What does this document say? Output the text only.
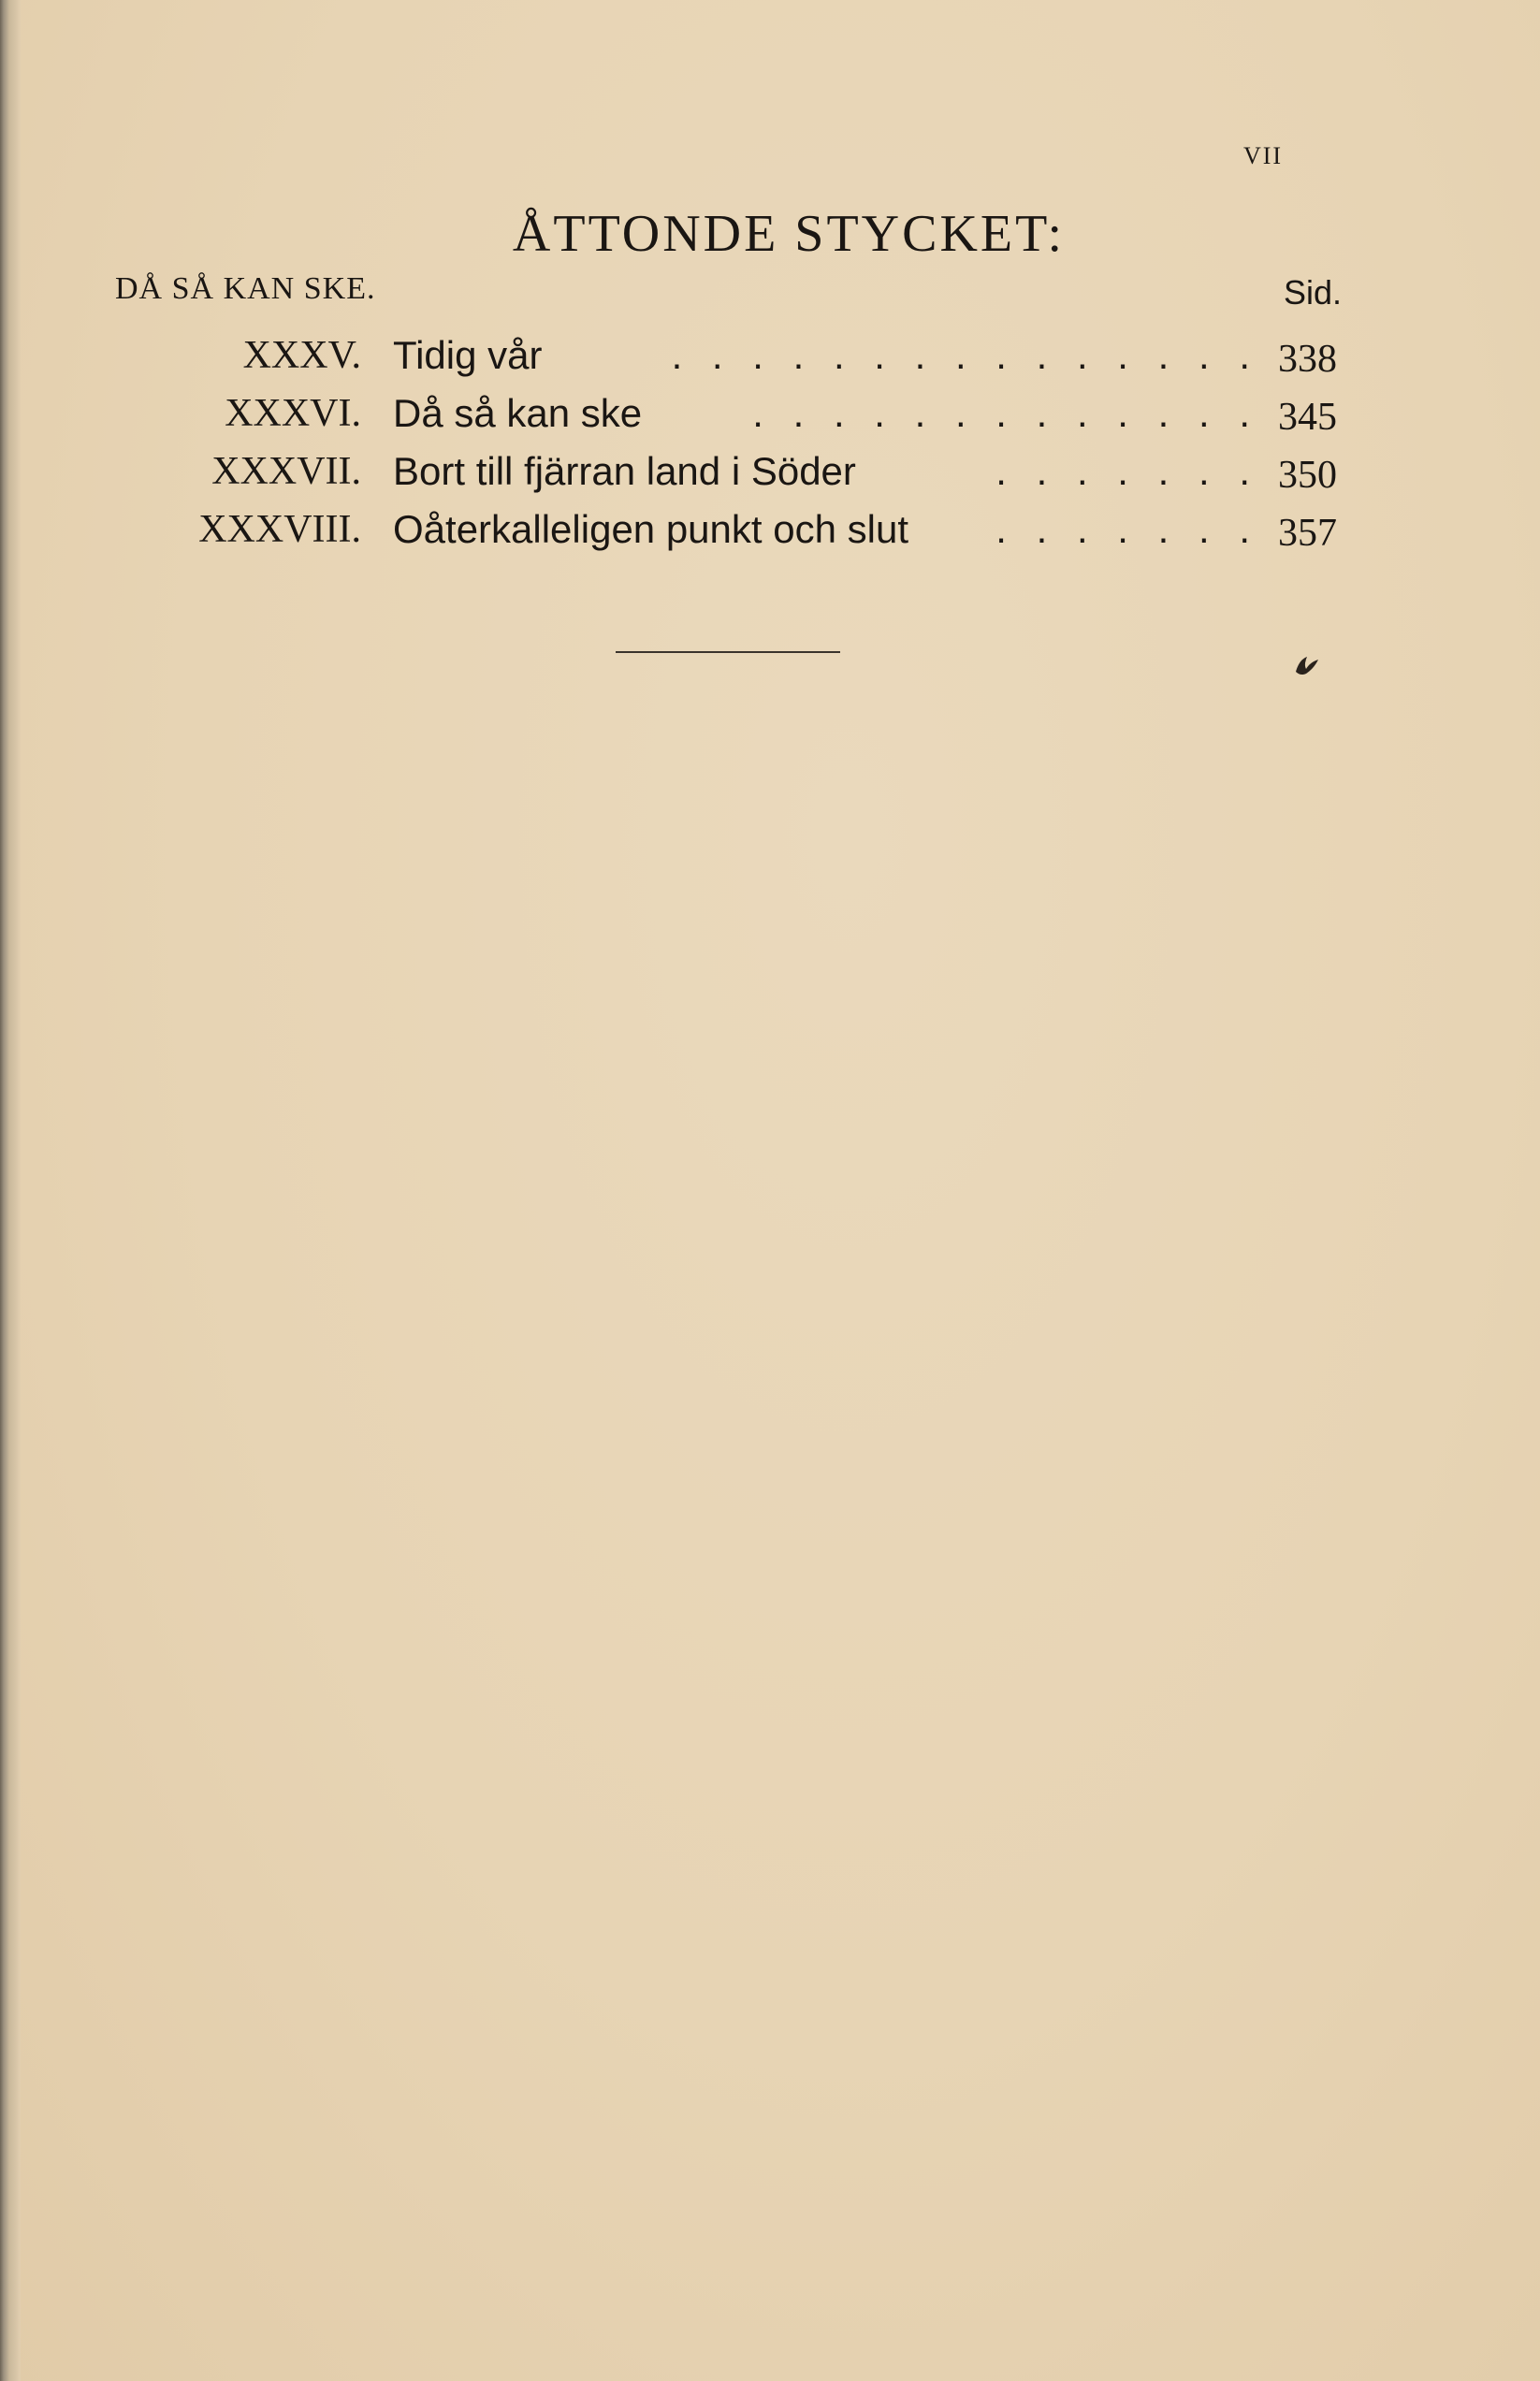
VII
ÅTTONDE STYCKET:
DÅ SÅ KAN SKE.	Sid.
XXXV. Tidig vår	. . . . . . . . . . . . . . . 338
XXXVI. Då så kan ske	. . . . . . . . . . . . . 345
XXXVII. Bort till fjärran land i Söder	. . . . . . . 350
XXXVIII. Oåterkalleligen punkt och slut . . . . . . . 357
